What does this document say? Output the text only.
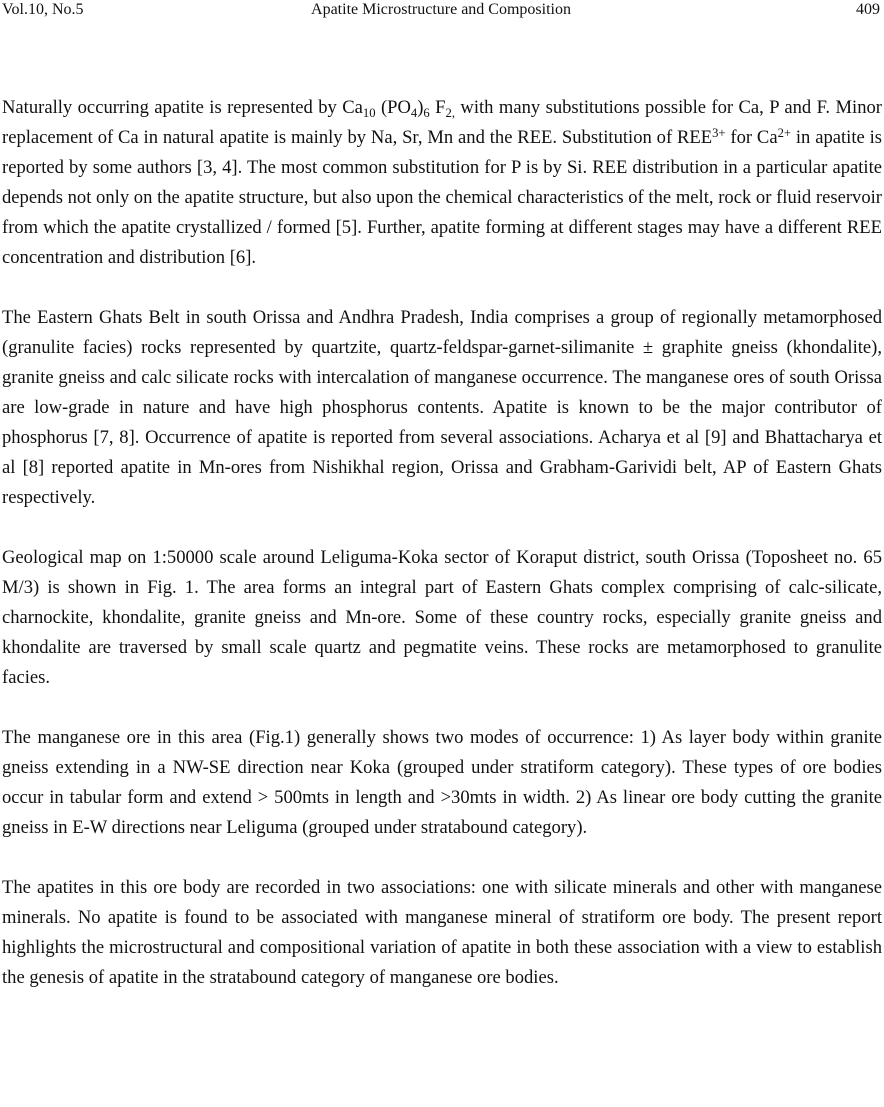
Vol.10, No.5	Apatite Microstructure and Composition	409

Naturally occurring apatite is represented by $Ca_{10}$ $(PO_4)_6$ $F_{2,}$ with many substitutions possible for Ca, P and F. Minor replacement of Ca in natural apatite is mainly by Na, Sr, Mn and the REE. Substitution of $REE^{3+}$ for $Ca^{2+}$ in apatite is reported by some authors [3, 4]. The most common substitution for P is by Si. REE distribution in a particular apatite depends not only on the apatite structure, but also upon the chemical characteristics of the melt, rock or fluid reservoir from which the apatite crystallized / formed [5]. Further, apatite forming at different stages may have a different REE concentration and distribution [6].

The Eastern Ghats Belt in south Orissa and Andhra Pradesh, India comprises a group of regionally metamorphosed (granulite facies) rocks represented by quartzite, quartz-feldspar-garnet-silimanite ± graphite gneiss (khondalite), granite gneiss and calc silicate rocks with intercalation of manganese occurrence. The manganese ores of south Orissa are low-grade in nature and have high phosphorus contents. Apatite is known to be the major contributor of phosphorus [7, 8]. Occurrence of apatite is reported from several associations. Acharya et al [9] and Bhattacharya et al [8] reported apatite in Mn-ores from Nishikhal region, Orissa and Grabham-Garividi belt, AP of Eastern Ghats respectively.

Geological map on 1:50000 scale around Leliguma-Koka sector of Koraput district, south Orissa (Toposheet no. 65 M/3) is shown in Fig. 1. The area forms an integral part of Eastern Ghats complex comprising of calc-silicate, charnockite, khondalite, granite gneiss and Mn-ore. Some of these country rocks, especially granite gneiss and khondalite are traversed by small scale quartz and pegmatite veins. These rocks are metamorphosed to granulite facies.

The manganese ore in this area (Fig.1) generally shows two modes of occurrence: 1) As layer body within granite gneiss extending in a NW-SE direction near Koka (grouped under stratiform category). These types of ore bodies occur in tabular form and extend > 500mts in length and >30mts in width. 2) As linear ore body cutting the granite gneiss in E-W directions near Leliguma (grouped under stratabound category).

The apatites in this ore body are recorded in two associations: one with silicate minerals and other with manganese minerals. No apatite is found to be associated with manganese mineral of stratiform ore body. The present report highlights the microstructural and compositional variation of apatite in both these association with a view to establish the genesis of apatite in the stratabound category of manganese ore bodies.
